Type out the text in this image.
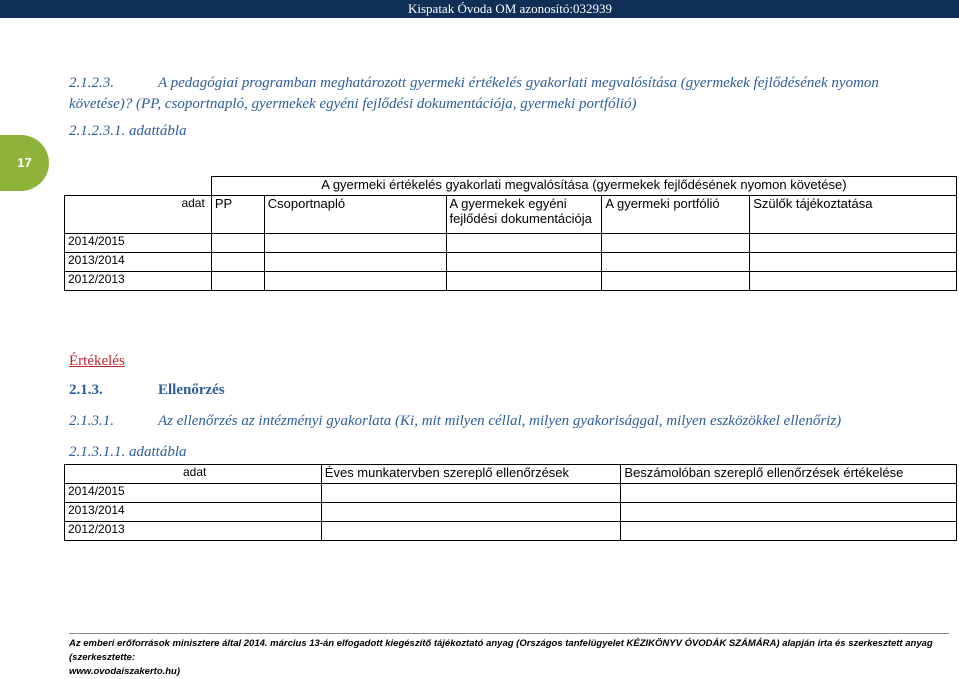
Kispatak Óvoda OM azonosító:032939
17
2.1.2.3.	A pedagógiai programban meghatározott gyermeki értékelés gyakorlati megvalósítása (gyermekek fejlődésének nyomon
követése)? (PP, csoportnapló, gyermekek egyéni fejlődési dokumentációja, gyermeki portfólió)
2.1.2.3.1. adattábla
	A gyermeki értékelés gyakorlati megvalósítása (gyermekek fejlődésének nyomon követése)				
adat	PP	Csoportnapló	A gyermekek egyéni fejlődési dokumentációja	A gyermeki portfólió	Szülők tájékoztatása
2014/2015					
2013/2014					
2012/2013					
Értékelés
2.1.3.	Ellenőrzés
2.1.3.1.	Az ellenőrzés az intézményi gyakorlata (Ki, mit milyen céllal, milyen gyakorisággal, milyen eszközökkel ellenőriz)
2.1.3.1.1. adattábla
adat	Éves munkatervben szereplő ellenőrzések	Beszámolóban szereplő ellenőrzések értékelése
2014/2015		
2013/2014		
2012/2013		
Az emberi erőforrások minisztere által 2014. március 13-án elfogadott kiegészítő tájékoztató anyag (Országos tanfelügyelet KÉZIKÖNYV ÓVODÁK SZÁMÁRA) alapján írta és szerkesztett anyag (szerkesztette:
www.ovodaiszakerto.hu)
